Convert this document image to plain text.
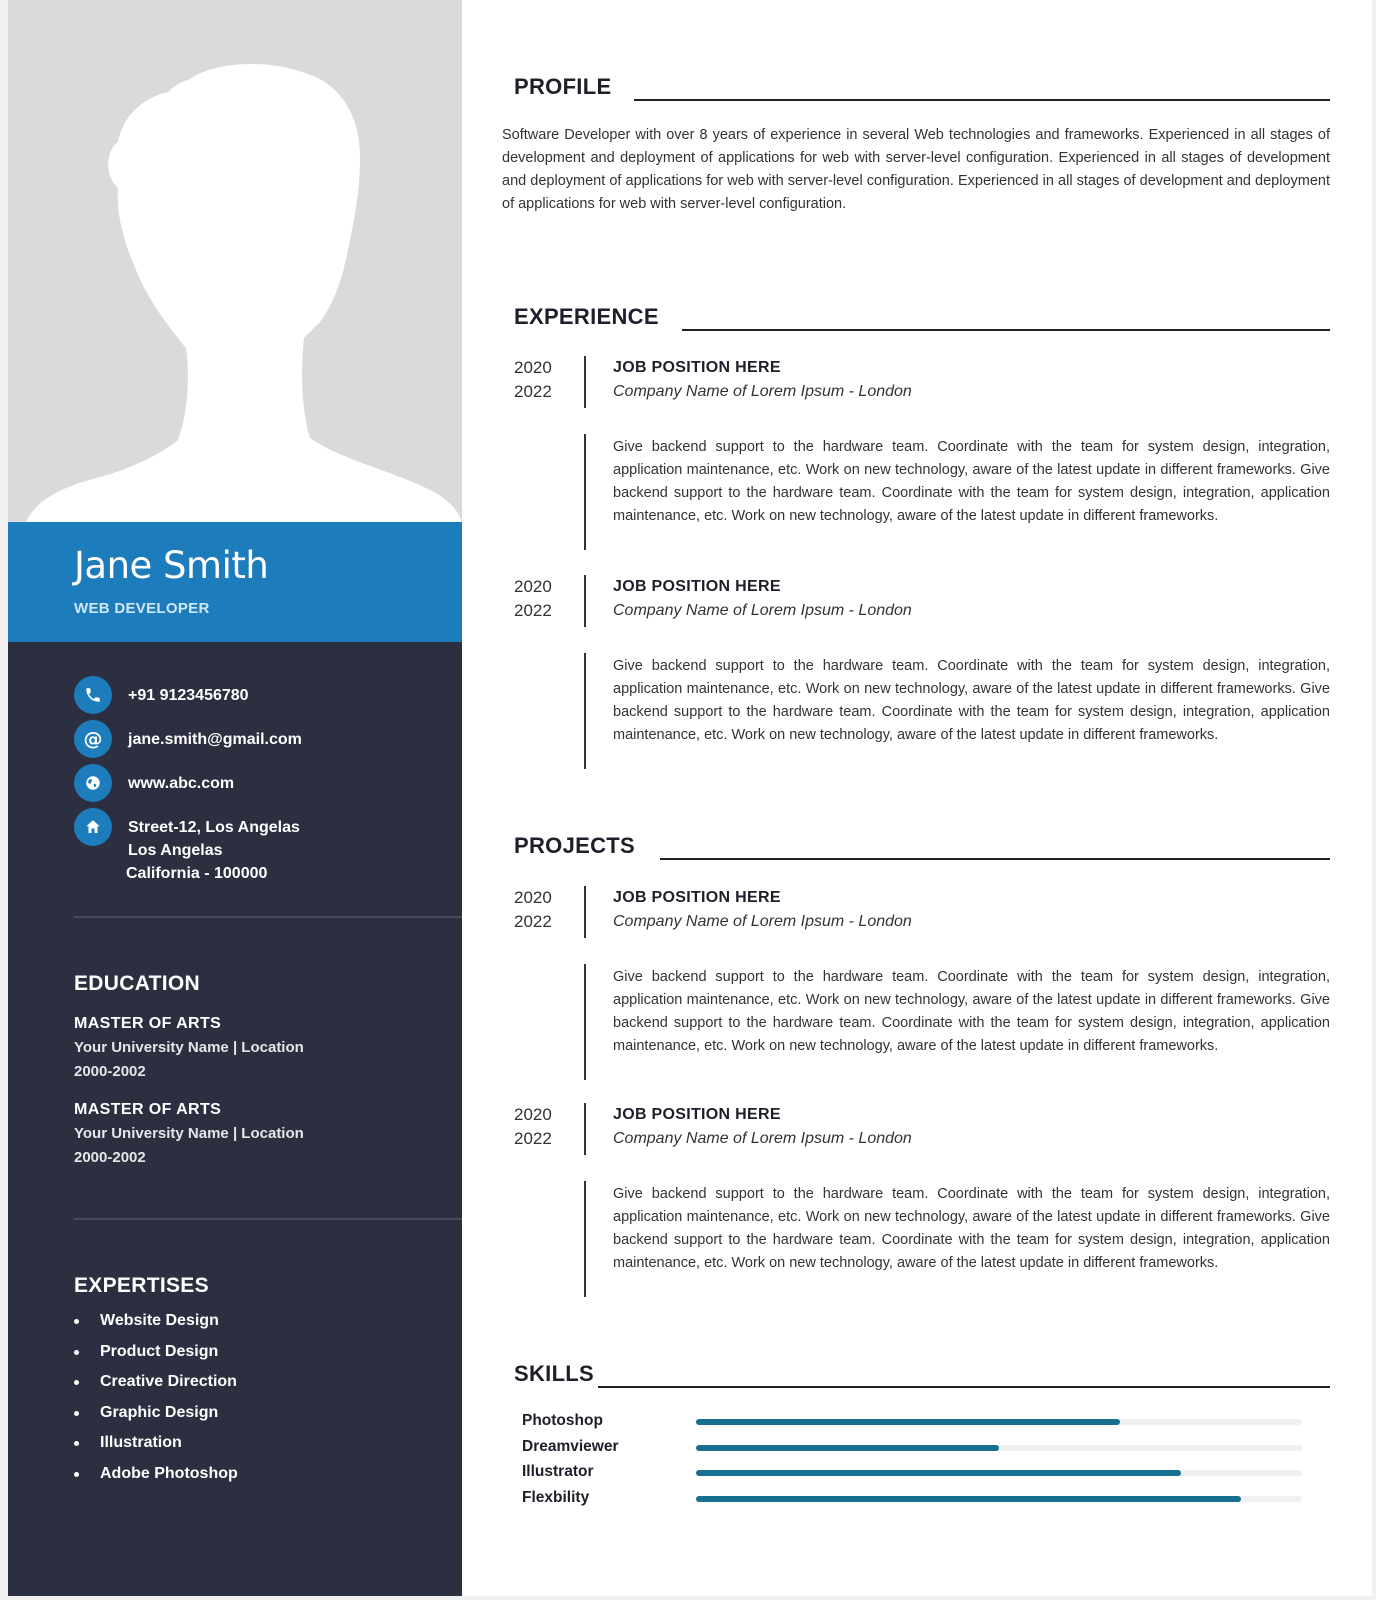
Jane Smith
WEB DEVELOPER
+91 9123456780
@ jane.smith@gmail.com
www.abc.com
Street-12, Los Angelas
Los Angelas
California - 100000
EDUCATION
MASTER OF ARTS
Your University Name | Location
2000-2002
MASTER OF ARTS
Your University Name | Location
2000-2002
EXPERTISES
Website Design
Product Design
Creative Direction
Graphic Design
Illustration
Adobe Photoshop
PROFILE
Software Developer with over 8 years of experience in several Web technologies and frameworks. Experienced in all stages of development and deployment of applications for web with server-level configuration. Experienced in all stages of development and deployment of applications for web with server-level configuration. Experienced in all stages of development and deployment of applications for web with server-level configuration.
EXPERIENCE
2020
2022
JOB POSITION HERE
Company Name of Lorem Ipsum - London
Give backend support to the hardware team. Coordinate with the team for system design, integration, application maintenance, etc. Work on new technology, aware of the latest update in different frameworks. Give backend support to the hardware team. Coordinate with the team for system design, integration, application maintenance, etc. Work on new technology, aware of the latest update in different frameworks.
2020
2022
JOB POSITION HERE
Company Name of Lorem Ipsum - London
Give backend support to the hardware team. Coordinate with the team for system design, integration, application maintenance, etc. Work on new technology, aware of the latest update in different frameworks. Give backend support to the hardware team. Coordinate with the team for system design, integration, application maintenance, etc. Work on new technology, aware of the latest update in different frameworks.
PROJECTS
2020
2022
JOB POSITION HERE
Company Name of Lorem Ipsum - London
Give backend support to the hardware team. Coordinate with the team for system design, integration, application maintenance, etc. Work on new technology, aware of the latest update in different frameworks. Give backend support to the hardware team. Coordinate with the team for system design, integration, application maintenance, etc. Work on new technology, aware of the latest update in different frameworks.
2020
2022
JOB POSITION HERE
Company Name of Lorem Ipsum - London
Give backend support to the hardware team. Coordinate with the team for system design, integration, application maintenance, etc. Work on new technology, aware of the latest update in different frameworks. Give backend support to the hardware team. Coordinate with the team for system design, integration, application maintenance, etc. Work on new technology, aware of the latest update in different frameworks.
SKILLS
Photoshop
Dreamviewer
Illustrator
Flexbility
